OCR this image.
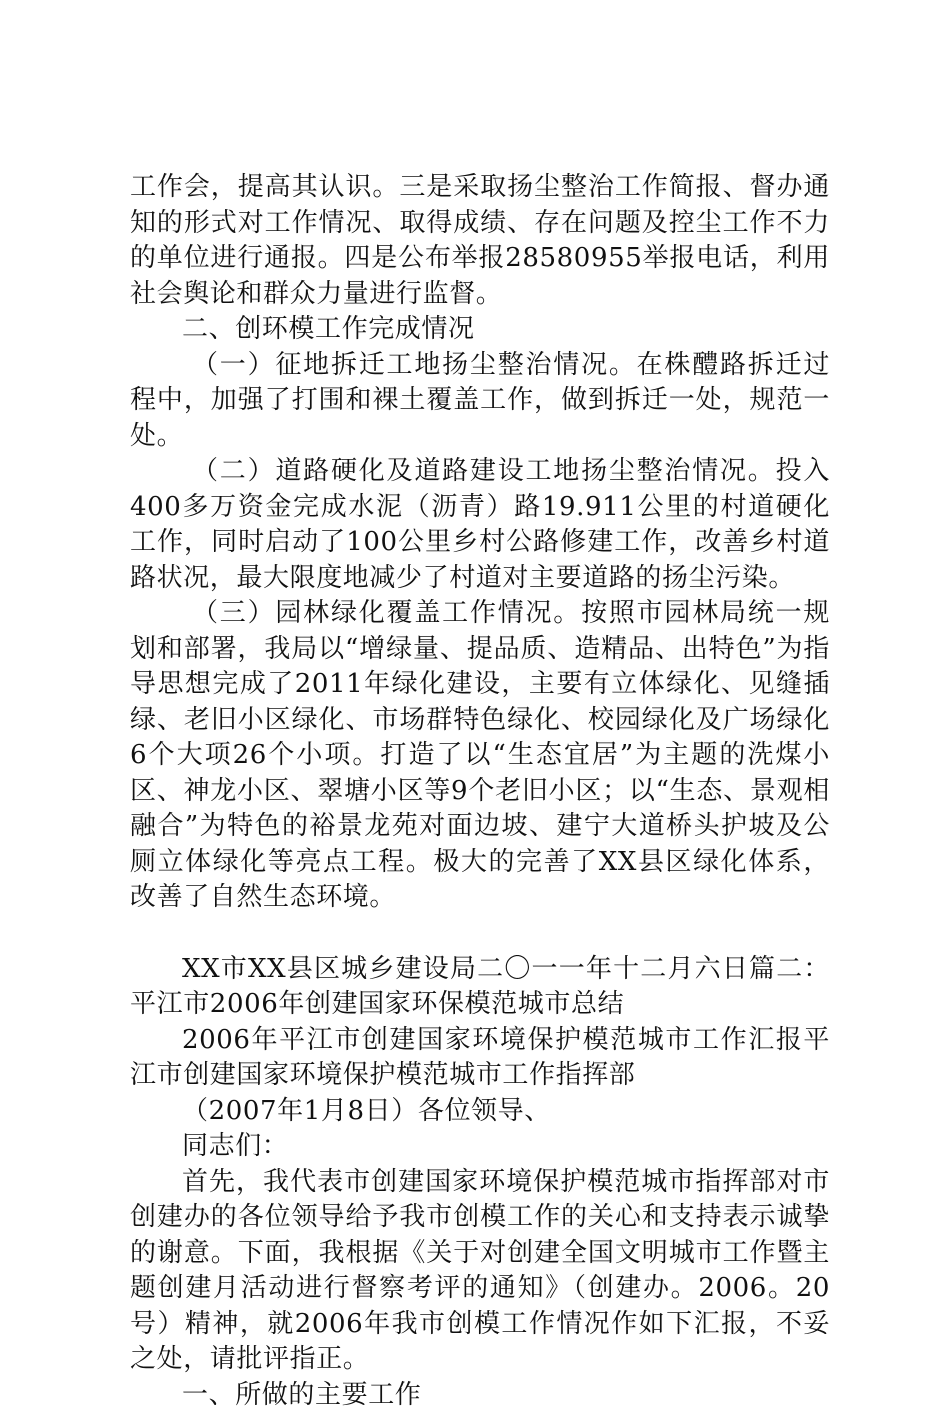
工作会，提高其认识。三是采取扬尘整治工作简报、督办通知的形式对工作情况、取得成绩、存在问题及控尘工作不力的单位进行通报。四是公布举报28580955举报电话，利用社会舆论和群众力量进行监督。

二、创环模工作完成情况

（一）征地拆迁工地扬尘整治情况。在株醴路拆迁过程中，加强了打围和裸土覆盖工作，做到拆迁一处，规范一处。

（二）道路硬化及道路建设工地扬尘整治情况。投入400多万资金完成水泥（沥青）路19.911公里的村道硬化工作，同时启动了100公里乡村公路修建工作，改善乡村道路状况，最大限度地减少了村道对主要道路的扬尘污染。

（三）园林绿化覆盖工作情况。按照市园林局统一规划和部署，我局以“增绿量、提品质、造精品、出特色”为指导思想完成了2011年绿化建设，主要有立体绿化、见缝插绿、老旧小区绿化、市场群特色绿化、校园绿化及广场绿化6个大项26个小项。打造了以“生态宜居”为主题的洗煤小区、神龙小区、翠塘小区等9个老旧小区；以“生态、景观相融合”为特色的裕景龙苑对面边坡、建宁大道桥头护坡及公厕立体绿化等亮点工程。极大的完善了XX县区绿化体系，改善了自然生态环境。

XX市XX县区城乡建设局二〇一一年十二月六日篇二：平江市2006年创建国家环保模范城市总结

2006年平江市创建国家环境保护模范城市工作汇报平江市创建国家环境保护模范城市工作指挥部

（2007年1月8日）各位领导、

同志们：

首先，我代表市创建国家环境保护模范城市指挥部对市创建办的各位领导给予我市创模工作的关心和支持表示诚挚的谢意。下面，我根据《关于对创建全国文明城市工作暨主题创建月活动进行督察考评的通知》（创建办。2006。20号）精神，就2006年我市创模工作情况作如下汇报，不妥之处，请批评指正。

一、所做的主要工作
